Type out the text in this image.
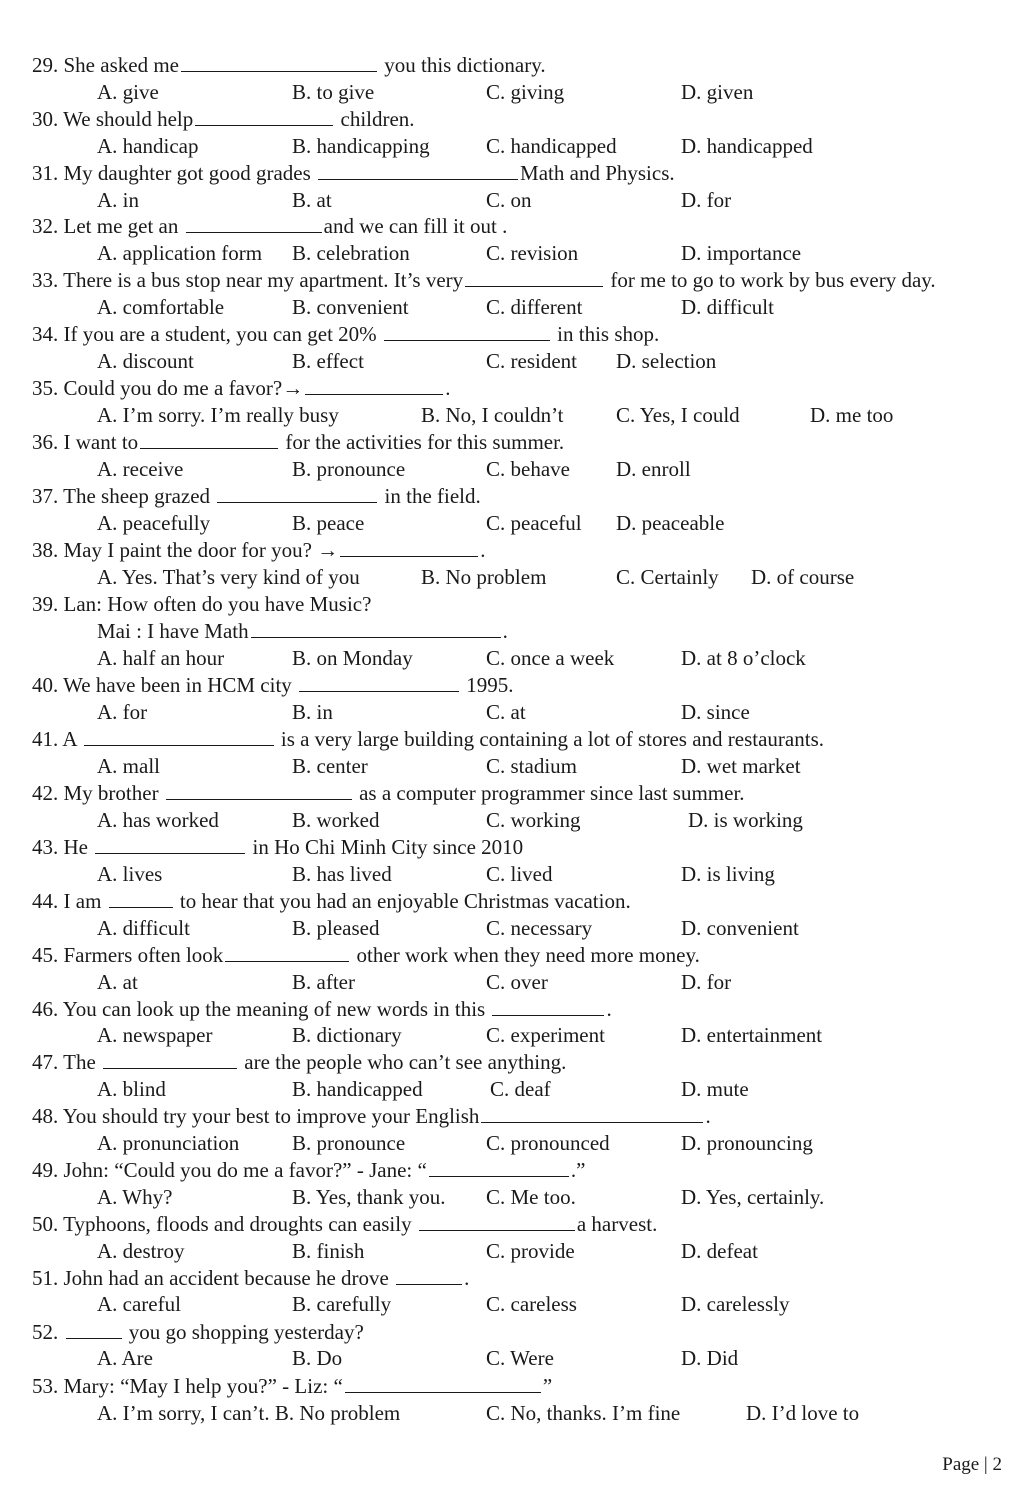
29. She asked me	you this dictionary.
A. give	B. to give	C. giving	D. given
30. We should help	children.
A. handicap	B. handicapping	C. handicapped	D. handicapped
31. My daughter got good grades	Math and Physics.
A. in	B. at	C. on	D. for
32. Let me get an	and we can fill it out .
A. application form B. celebration	C. revision	D. importance
33. There is a bus stop near my apartment. It’s very	for me to go to work by bus every day.
A. comfortable	B. convenient	C. different	D. difficult
34. If you are a student, you can get 20%	in this shop.
A. discount	B. effect	C. resident D. selection
35. Could you do me a favor?→	.
A. I’m sorry. I’m really busy	B. No, I couldn’t C. Yes, I could	D. me too
36. I want to	for the activities for this summer.
A. receive	B. pronounce	C. behave D. enroll
37. The sheep grazed	in the field.
A. peacefully	B. peace	C. peaceful D. peaceable
38. May I paint the door for you? →	.
A. Yes. That’s very kind of you	B. No problem	C. Certainly D. of course
39. Lan: How often do you have Music?
Mai : I have Math	.
A. half an hour	B. on Monday	C. once a week	D. at 8 o’clock
40. We have been in HCM city	1995.
A. for	B. in	C. at	D. since
41. A	is a very large building containing a lot of stores and restaurants.
A. mall	B. center	C. stadium	D. wet market
42. My brother	as a computer programmer since last summer.
A. has worked	B. worked	C. working	D. is working
43. He	in Ho Chi Minh City since 2010
A. lives	B. has lived	C. lived	D. is living
44. I am	to hear that you had an enjoyable Christmas vacation.
A. difficult	B. pleased	C. necessary	D. convenient
45. Farmers often look	other work when they need more money.
A. at	B. after	C. over	D. for
46. You can look up the meaning of new words in this	.
A. newspaper	B. dictionary	C. experiment	D. entertainment
47. The	are the people who can’t see anything.
A. blind	B. handicapped	C. deaf	D. mute
48. You should try your best to improve your English	.
A. pronunciation	B. pronounce	C. pronounced	D. pronouncing
49. John: “Could you do me a favor?” - Jane: “	.”
A. Why?	B. Yes, thank you. C. Me too.	D. Yes, certainly.
50. Typhoons, floods and droughts can easily	a harvest.
A. destroy	B. finish	C. provide	D. defeat
51. John had an accident because he drove	.
A. careful	B. carefully	C. careless	D. carelessly
52.	you go shopping yesterday?
A. Are	B. Do	C. Were	D. Did
53. Mary: “May I help you?” - Liz: “	”
A. I’m sorry, I can’t. B. No problem	C. No, thanks. I’m fine	D. I’d love to
Page | 2
